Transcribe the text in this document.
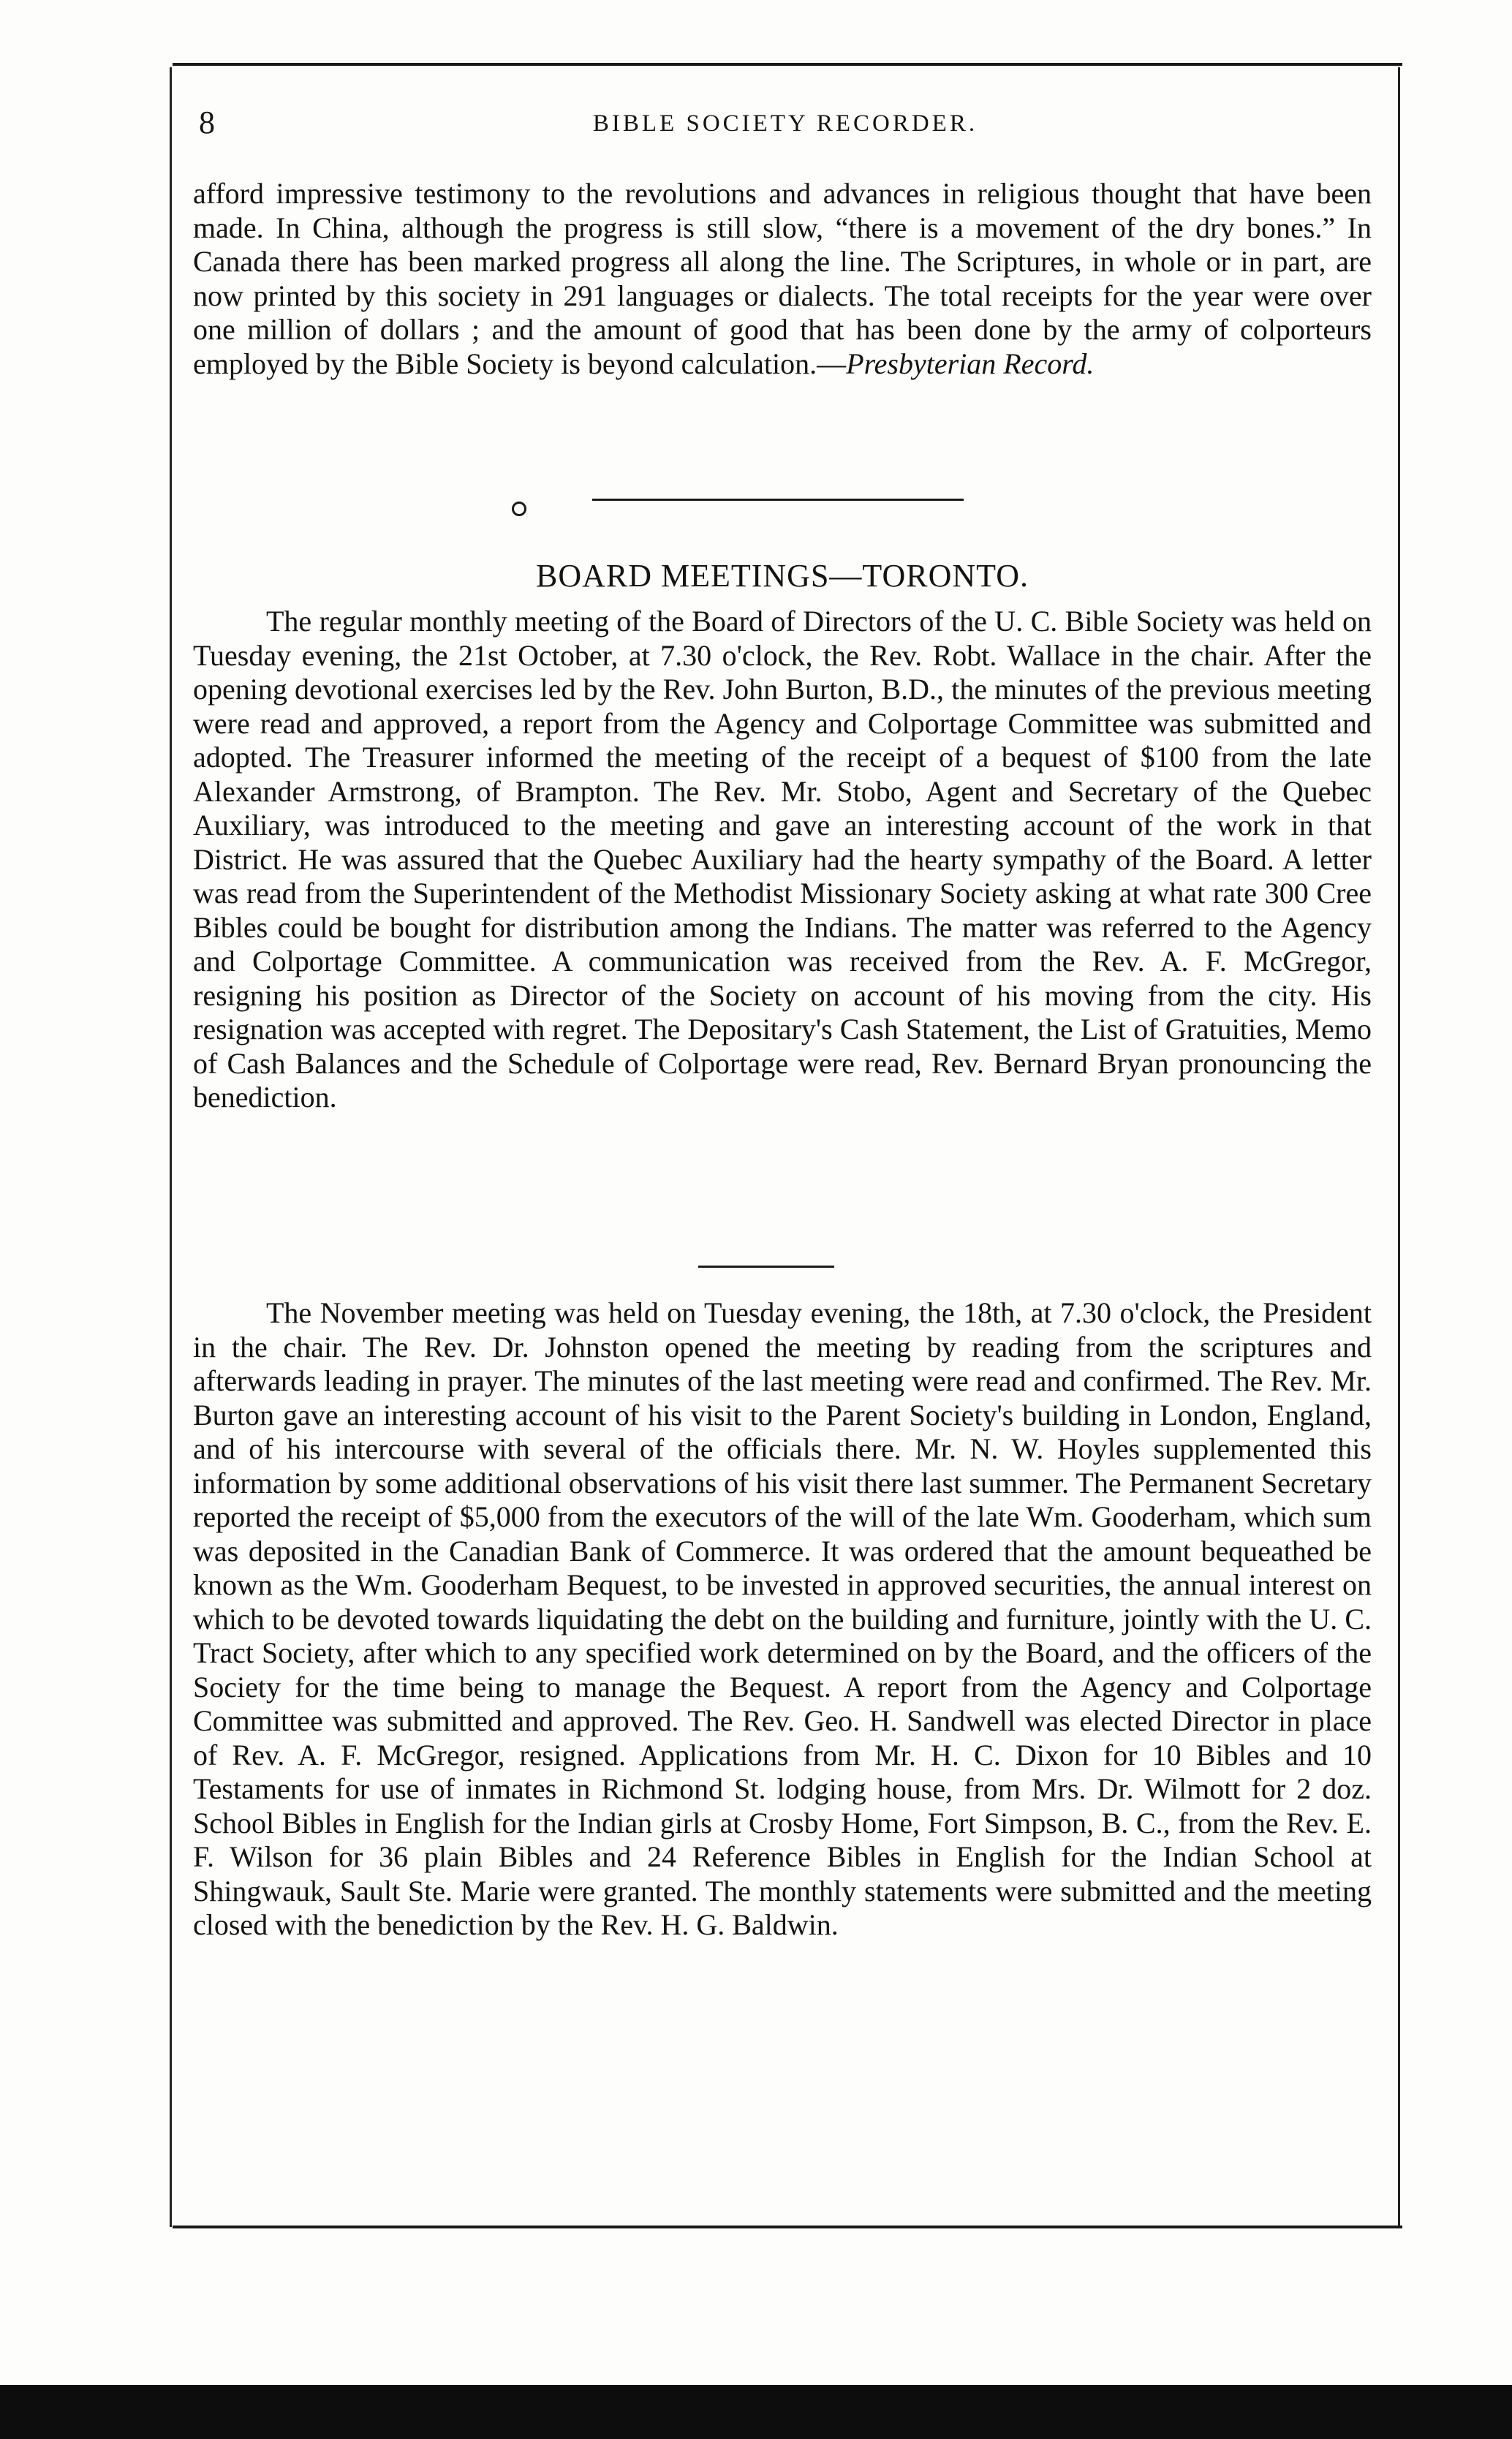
8	BIBLE SOCIETY RECORDER.

afford impressive testimony to the revolutions and advances in religious thought that have been made. In China, although the progress is still slow, “there is a movement of the dry bones.” In Canada there has been marked progress all along the line. The Scriptures, in whole or in part, are now printed by this society in 291 languages or dialects. The total receipts for the year were over one million of dollars ; and the amount of good that has been done by the army of colporteurs employed by the Bible Society is beyond calculation.—Presbyterian Record.

BOARD MEETINGS—TORONTO.

The regular monthly meeting of the Board of Directors of the U. C. Bible Society was held on Tuesday evening, the 21st October, at 7.30 o'clock, the Rev. Robt. Wallace in the chair. After the opening devotional exercises led by the Rev. John Burton, B.D., the minutes of the previous meeting were read and approved, a report from the Agency and Colportage Committee was submitted and adopted. The Treasurer informed the meeting of the receipt of a bequest of $100 from the late Alexander Armstrong, of Brampton. The Rev. Mr. Stobo, Agent and Secretary of the Quebec Auxiliary, was introduced to the meeting and gave an interesting account of the work in that District. He was assured that the Quebec Auxiliary had the hearty sympathy of the Board. A letter was read from the Superintendent of the Methodist Missionary Society asking at what rate 300 Cree Bibles could be bought for distribution among the Indians. The matter was referred to the Agency and Colportage Committee. A communication was received from the Rev. A. F. McGregor, resigning his position as Director of the Society on account of his moving from the city. His resignation was accepted with regret. The Depositary's Cash Statement, the List of Gratuities, Memo of Cash Balances and the Schedule of Colportage were read, Rev. Bernard Bryan pronouncing the benediction.

The November meeting was held on Tuesday evening, the 18th, at 7.30 o'clock, the President in the chair. The Rev. Dr. Johnston opened the meeting by reading from the scriptures and afterwards leading in prayer. The minutes of the last meeting were read and confirmed. The Rev. Mr. Burton gave an interesting account of his visit to the Parent Society's building in London, England, and of his intercourse with several of the officials there. Mr. N. W. Hoyles supplemented this information by some additional observations of his visit there last summer. The Permanent Secretary reported the receipt of $5,000 from the executors of the will of the late Wm. Gooderham, which sum was deposited in the Canadian Bank of Commerce. It was ordered that the amount bequeathed be known as the Wm. Gooderham Bequest, to be invested in approved securities, the annual interest on which to be devoted towards liquidating the debt on the building and furniture, jointly with the U. C. Tract Society, after which to any specified work determined on by the Board, and the officers of the Society for the time being to manage the Bequest. A report from the Agency and Colportage Committee was submitted and approved. The Rev. Geo. H. Sandwell was elected Director in place of Rev. A. F. McGregor, resigned. Applications from Mr. H. C. Dixon for 10 Bibles and 10 Testaments for use of inmates in Richmond St. lodging house, from Mrs. Dr. Wilmott for 2 doz. School Bibles in English for the Indian girls at Crosby Home, Fort Simpson, B. C., from the Rev. E. F. Wilson for 36 plain Bibles and 24 Reference Bibles in English for the Indian School at Shingwauk, Sault Ste. Marie were granted. The monthly statements were submitted and the meeting closed with the benediction by the Rev. H. G. Baldwin.
